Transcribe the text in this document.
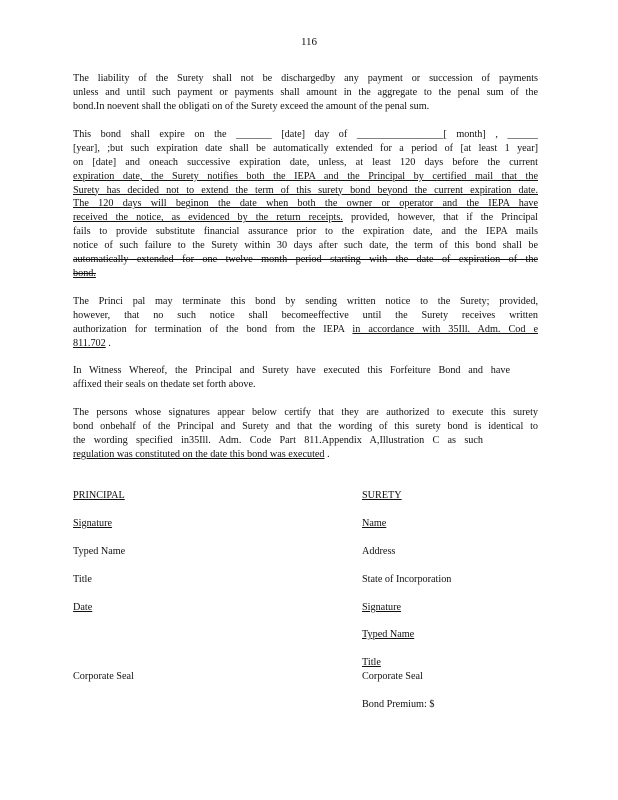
116
The liability of the Surety shall not be dischargedby any payment or succession of payments
unless and until such payment or payments shall amount in the aggregate to the penal sum of the
bond.In noevent shall the obligati on of the Surety exceed the amount of the penal sum.
This bond shall expire on the _______ [date] day of _________________[ month] , ______
[year], ;but such expiration date shall be automatically extended for a period of [at least 1 year]
on [date] and oneach successive expiration date, unless, at least 120 days before the current
expiration date, the Surety notifies both the IEPA and the Principal by certified mail that the
Surety has decided not to extend the term of this surety bond beyond the current expiration date.
The 120 days will beginon the date when both the owner or operator and the IEPA have
received the notice, as evidenced by the return receipts. provided, however, that if the Principal
fails to provide substitute financial assurance prior to the expiration date, and the IEPA mails
notice of such failure to the Surety within 30 days after such date, the term of this bond shall be
automatically extended for one twelve month period starting with the date of expiration of the
bond.
The Princi pal may terminate this bond by sending written notice to the Surety; provided,
however, that no such notice shall becomeeffective until the Surety receives written
authorization for termination of the bond from the IEPA in accordance with 35Ill. Adm. Cod e
811.702 .
In Witness Whereof, the Principal and Surety have executed this Forfeiture Bond and have
affixed their seals on thedate set forth above.
The persons whose signatures appear below certify that they are authorized to execute this surety
bond onbehalf of the Principal and Surety and that the wording of this surety bond is identical to
the wording specified in35Ill. Adm. Code Part 811.Appendix A,Illustration C as such
regulation was constituted on the date this bond was executed .
PRINCIPAL
Signature
Typed Name
Title
Date
Corporate Seal
SURETY
Name
Address
State of Incorporation
Signature
Typed Name
Title
Corporate Seal
Bond Premium: $
